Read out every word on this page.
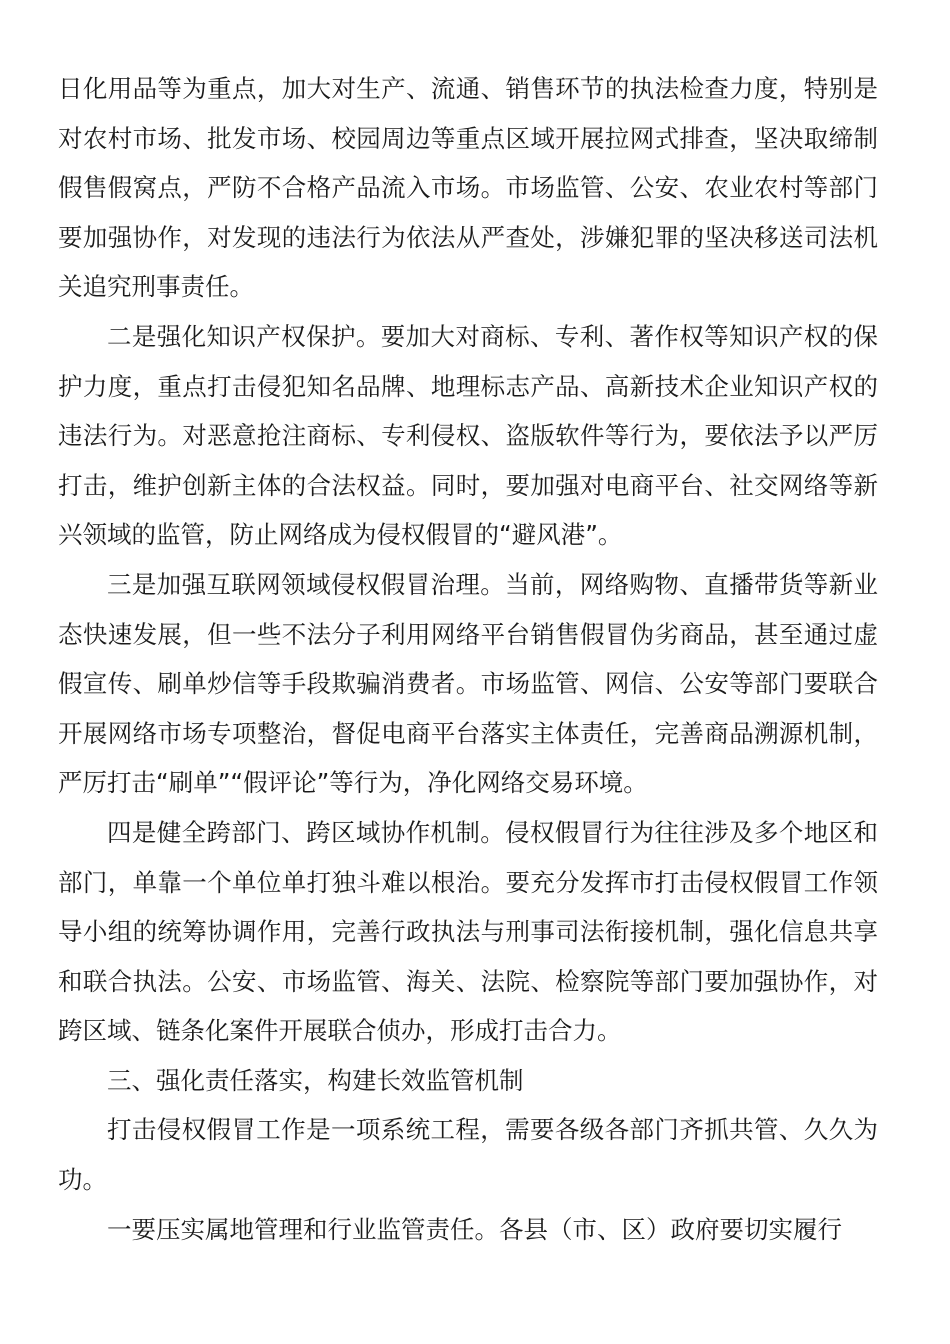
日化用品等为重点，加大对生产、流通、销售环节的执法检查力度，特别是对农村市场、批发市场、校园周边等重点区域开展拉网式排查，坚决取缔制假售假窝点，严防不合格产品流入市场。市场监管、公安、农业农村等部门要加强协作，对发现的违法行为依法从严查处，涉嫌犯罪的坚决移送司法机关追究刑事责任。

二是强化知识产权保护。要加大对商标、专利、著作权等知识产权的保护力度，重点打击侵犯知名品牌、地理标志产品、高新技术企业知识产权的违法行为。对恶意抢注商标、专利侵权、盗版软件等行为，要依法予以严厉打击，维护创新主体的合法权益。同时，要加强对电商平台、社交网络等新兴领域的监管，防止网络成为侵权假冒的“避风港”。

三是加强互联网领域侵权假冒治理。当前，网络购物、直播带货等新业态快速发展，但一些不法分子利用网络平台销售假冒伪劣商品，甚至通过虚假宣传、刷单炒信等手段欺骗消费者。市场监管、网信、公安等部门要联合开展网络市场专项整治，督促电商平台落实主体责任，完善商品溯源机制，严厉打击“刷单”“假评论”等行为，净化网络交易环境。

四是健全跨部门、跨区域协作机制。侵权假冒行为往往涉及多个地区和部门，单靠一个单位单打独斗难以根治。要充分发挥市打击侵权假冒工作领导小组的统筹协调作用，完善行政执法与刑事司法衔接机制，强化信息共享和联合执法。公安、市场监管、海关、法院、检察院等部门要加强协作，对跨区域、链条化案件开展联合侦办，形成打击合力。

三、强化责任落实，构建长效监管机制

打击侵权假冒工作是一项系统工程，需要各级各部门齐抓共管、久久为功。

一要压实属地管理和行业监管责任。各县（市、区）政府要切实履行
